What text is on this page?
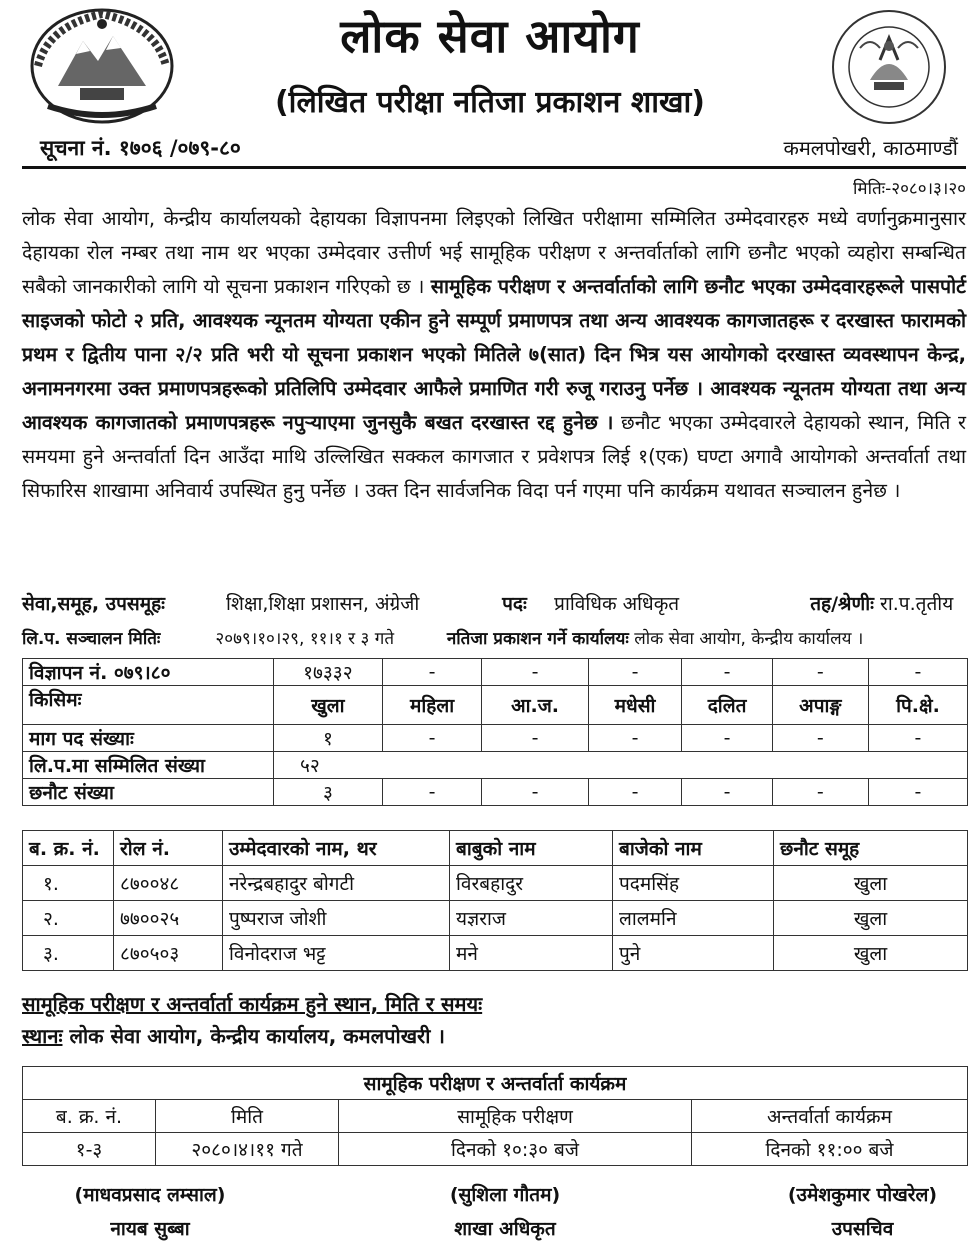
लोक सेवा आयोग
(लिखित परीक्षा नतिजा प्रकाशन शाखा)
सूचना नं. १७०६ /०७९-८०	कमलपोखरी, काठमाण्डौं
मितिः-२०८०।३।२०

लोक सेवा आयोग, केन्द्रीय कार्यालयको देहायका विज्ञापनमा लिइएको लिखित परीक्षामा सम्मिलित उम्मेदवारहरु मध्ये वर्णानुक्रमानुसार देहायका रोल नम्बर तथा नाम थर भएका उम्मेदवार उत्तीर्ण भई सामूहिक परीक्षण र अन्तर्वार्ताको लागि छनौट भएको व्यहोरा सम्बन्धित सबैको जानकारीको लागि यो सूचना प्रकाशन गरिएको छ । सामूहिक परीक्षण र अन्तर्वार्ताको लागि छनौट भएका उम्मेदवारहरूले पासपोर्ट साइजको फोटो २ प्रति, आवश्यक न्यूनतम योग्यता एकीन हुने सम्पूर्ण प्रमाणपत्र तथा अन्य आवश्यक कागजातहरू र दरखास्त फारामको प्रथम र द्वितीय पाना २/२ प्रति भरी यो सूचना प्रकाशन भएको मितिले ७(सात) दिन भित्र यस आयोगको दरखास्त व्यवस्थापन केन्द्र, अनामनगरमा उक्त प्रमाणपत्रहरूको प्रतिलिपि उम्मेदवार आफैले प्रमाणित गरी रुजू गराउनु पर्नेछ । आवश्यक न्यूनतम योग्यता तथा अन्य आवश्यक कागजातको प्रमाणपत्रहरू नपुऱ्याएमा जुनसुकै बखत दरखास्त रद्द हुनेछ । छनौट भएका उम्मेदवारले देहायको स्थान, मिति र समयमा हुने अन्तर्वार्ता दिन आउँदा माथि उल्लिखित सक्कल कागजात र प्रवेशपत्र लिई १(एक) घण्टा अगावै आयोगको अन्तर्वार्ता तथा सिफारिस शाखामा अनिवार्य उपस्थित हुनु पर्नेछ । उक्त दिन सार्वजनिक विदा पर्न गएमा पनि कार्यक्रम यथावत सञ्चालन हुनेछ ।

सेवा,समूह, उपसमूहः	शिक्षा,शिक्षा प्रशासन, अंग्रेजी	पदः प्राविधिक अधिकृत	तह/श्रेणीः रा.प.तृतीय
लि.प. सञ्चालन मितिः	२०७९।१०।२९, ११।१ र ३ गते	नतिजा प्रकाशन गर्ने कार्यालयः लोक सेवा आयोग, केन्द्रीय कार्यालय ।
विज्ञापन नं. ०७९।८०	१७३३२	-	-	-	-	-	-
किसिमः	खुला	महिला	आ.ज.	मधेसी	दलित	अपाङ्ग	पि.क्षे.
माग पद संख्याः	१	-	-	-	-	-	-
लि.प.मा सम्मिलित संख्या	५२						
छनौट संख्या	३	-	-	-	-	-	-
ब. क्र. नं.	रोल नं.	उम्मेदवारको नाम, थर	बाबुको नाम	बाजेको नाम	छनौट समूह
१.	८७००४८	नरेन्द्रबहादुर बोगटी	विरबहादुर	पदमसिंह	खुला
२.	७७००२५	पुष्पराज जोशी	यज्ञराज	लालमनि	खुला
३.	८७०५०३	विनोदराज भट्ट	मने	पुने	खुला
सामूहिक परीक्षण र अन्तर्वार्ता कार्यक्रम हुने स्थान, मिति र समयः
स्थानः लोक सेवा आयोग, केन्द्रीय कार्यालय, कमलपोखरी ।
सामूहिक परीक्षण र अन्तर्वार्ता कार्यक्रम			
ब. क्र. नं.	मिति	सामूहिक परीक्षण	अन्तर्वार्ता कार्यक्रम
१-३	२०८०।४।११ गते	दिनको १०:३० बजे	दिनको ११:०० बजे
(माधवप्रसाद लम्साल)
नायब सुब्बा
(सुशिला गौतम)
शाखा अधिकृत
(उमेशकुमार पोखरेल)
उपसचिव
